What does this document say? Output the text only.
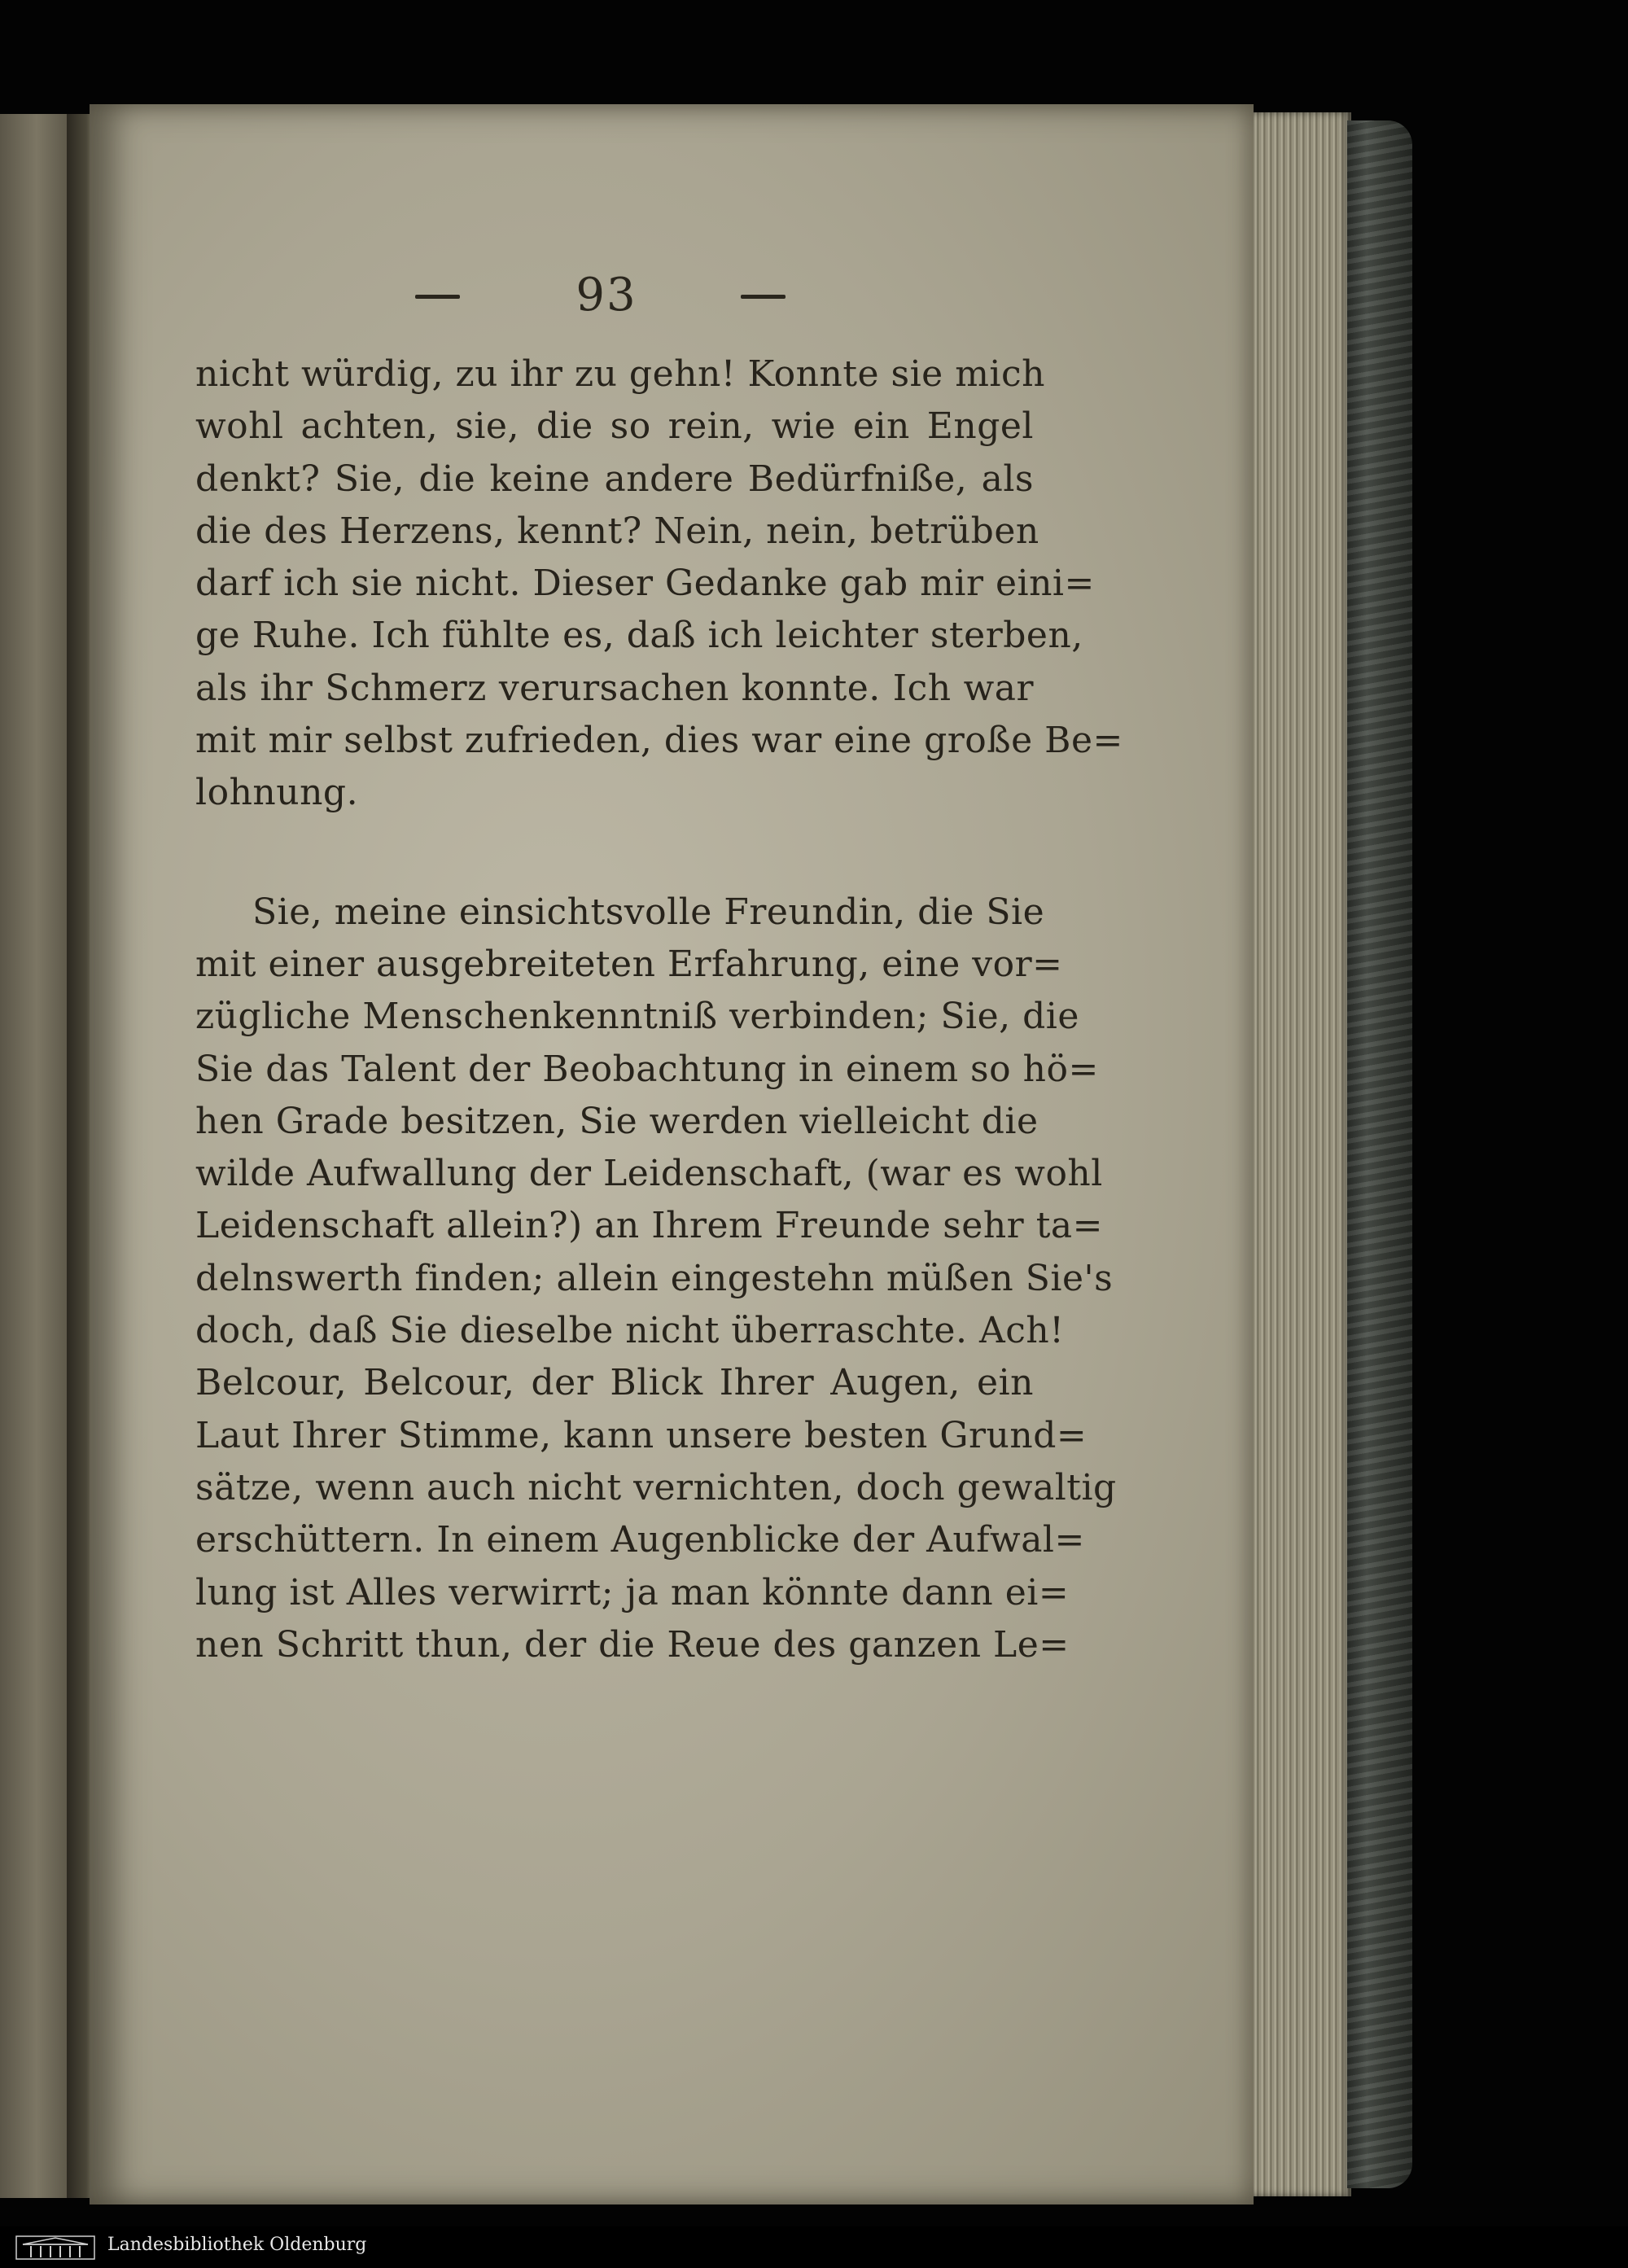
93
nicht würdig, zu ihr zu gehn! Konnte sie mich
wohl achten, sie, die so rein, wie ein Engel
denkt? Sie, die keine andere Bedürfniße, als
die des Herzens, kennt? Nein, nein, betrüben
darf ich sie nicht. Dieser Gedanke gab mir eini=
ge Ruhe. Ich fühlte es, daß ich leichter sterben,
als ihr Schmerz verursachen konnte. Ich war
mit mir selbst zufrieden, dies war eine große Be=
lohnung.
Sie, meine einsichtsvolle Freundin, die Sie
mit einer ausgebreiteten Erfahrung, eine vor=
zügliche Menschenkenntniß verbinden; Sie, die
Sie das Talent der Beobachtung in einem so hö=
hen Grade besitzen, Sie werden vielleicht die
wilde Aufwallung der Leidenschaft, (war es wohl
Leidenschaft allein?) an Ihrem Freunde sehr ta=
delnswerth finden; allein eingestehn müßen Sie's
doch, daß Sie dieselbe nicht überraschte. Ach!
Belcour, Belcour, der Blick Ihrer Augen, ein
Laut Ihrer Stimme, kann unsere besten Grund=
sätze, wenn auch nicht vernichten, doch gewaltig
erschüttern. In einem Augenblicke der Aufwal=
lung ist Alles verwirrt; ja man könnte dann ei=
nen Schritt thun, der die Reue des ganzen Le=
Landesbibliothek Oldenburg
